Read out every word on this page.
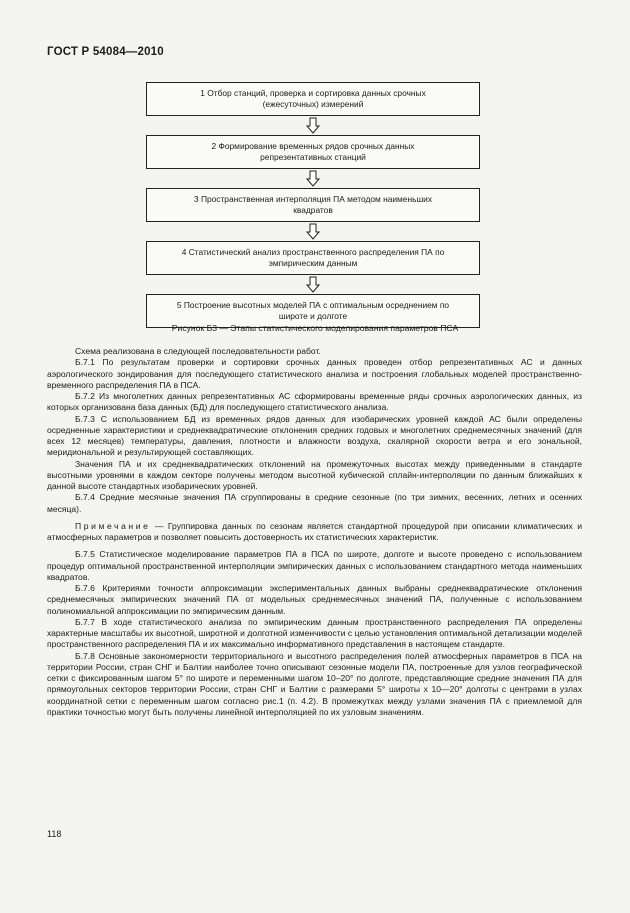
ГОСТ Р 54084—2010
1 Отбор станций, проверка и сортировка данных срочных (ежесуточных) измерений
2 Формирование временных рядов срочных данных репрезентативных станций
3 Пространственная интерполяция ПА методом наименьших квадратов
4 Статистический анализ пространственного распределения ПА по эмпирическим данным
5 Построение высотных моделей ПА с оптимальным осреднением по широте и долготе
Рисунок Б3 — Этапы статистического моделирования параметров ПСА

Схема реализована в следующей последовательности работ.

Б.7.1 По результатам проверки и сортировки срочных данных проведен отбор репрезентативных АС и данных аэрологического зондирования для последующего статистического анализа и построения глобальных моделей пространственно-временного распределения ПА в ПСА.

Б.7.2 Из многолетних данных репрезентативных АС сформированы временные ряды срочных аэрологических данных, из которых организована база данных (БД) для последующего статистического анализа.

Б.7.3 С использованием БД из временных рядов данных для изобарических уровней каждой АС были определены осредненные характеристики и среднеквадратические отклонения средних годовых и многолетних среднемесячных значений (для всех 12 месяцев) температуры, давления, плотности и влажности воздуха, скалярной скорости ветра и его зональной, меридиональной и результирующей составляющих.

Значения ПА и их среднеквадратических отклонений на промежуточных высотах между приведенными в стандарте высотными уровнями в каждом секторе получены методом высотной кубической сплайн-интерполяции по данным ближайших к данной высоте стандартных изобарических уровней.

Б.7.4 Средние месячные значения ПА сгруппированы в средние сезонные (по три зимних, весенних, летних и осенних месяца).

Примечание — Группировка данных по сезонам является стандартной процедурой при описании климатических и атмосферных параметров и позволяет повысить достоверность их статистических характеристик.

Б.7.5 Статистическое моделирование параметров ПА в ПСА по широте, долготе и высоте проведено с использованием процедур оптимальной пространственной интерполяции эмпирических данных с использованием стандартного метода наименьших квадратов.

Б.7.6 Критериями точности аппроксимации экспериментальных данных выбраны среднеквадратические отклонения среднемесячных эмпирических значений ПА от модельных среднемесячных значений ПА, полученные с использованием полиномиальной аппроксимации по эмпирическим данным.

Б.7.7 В ходе статистического анализа по эмпирическим данным пространственного распределения ПА определены характерные масштабы их высотной, широтной и долготной изменчивости с целью установления оптимальной детализации моделей пространственного распределения ПА и их максимально информативного представления в настоящем стандарте.

Б.7.8 Основные закономерности территориального и высотного распределения полей атмосферных параметров в ПСА на территории России, стран СНГ и Балтии наиболее точно описывают сезонные модели ПА, построенные для узлов географической сетки с фиксированным шагом 5° по широте и переменными шагом 10–20° по долготе, представляющие средние значения ПА для прямоугольных секторов территории России, стран СНГ и Балтии с размерами 5° широты х 10—20° долготы с центрами в узлах координатной сетки с переменным шагом согласно рис.1 (п. 4.2). В промежутках между узлами значения ПА с приемлемой для практики точностью могут быть получены линейной интерполяцией по их узловым значениям.

118
